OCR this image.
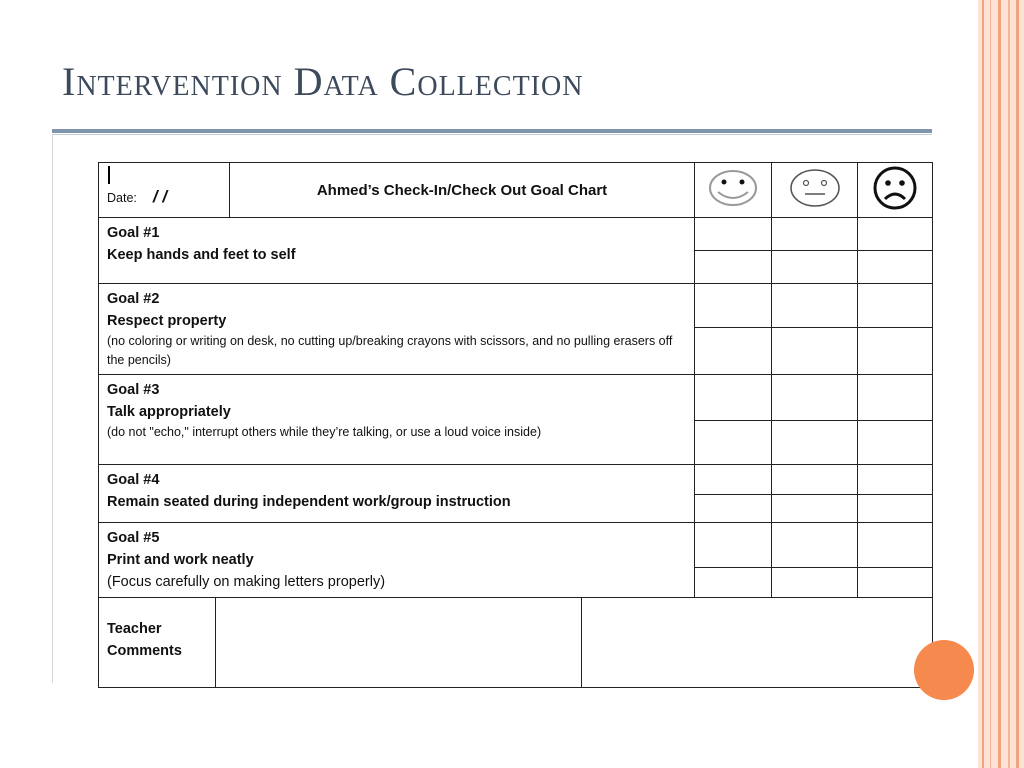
Intervention Data Collection
Date: / /		Ahmed’s Check-In/Check Out Goal Chart			

Goal #1
Keep hands and feet to self						

Goal #2
Respect property
(no coloring or writing on desk, no cutting up/breaking crayons with scissors, and no pulling erasers off the pencils)						

Goal #3
Talk appropriately
(do not "echo," interrupt others while they’re talking, or use a loud voice inside)						

Goal #4
Remain seated during independent work/group instruction						

Goal #5
Print and work neatly
(Focus carefully on making letters properly)						

Teacher
Comments						
